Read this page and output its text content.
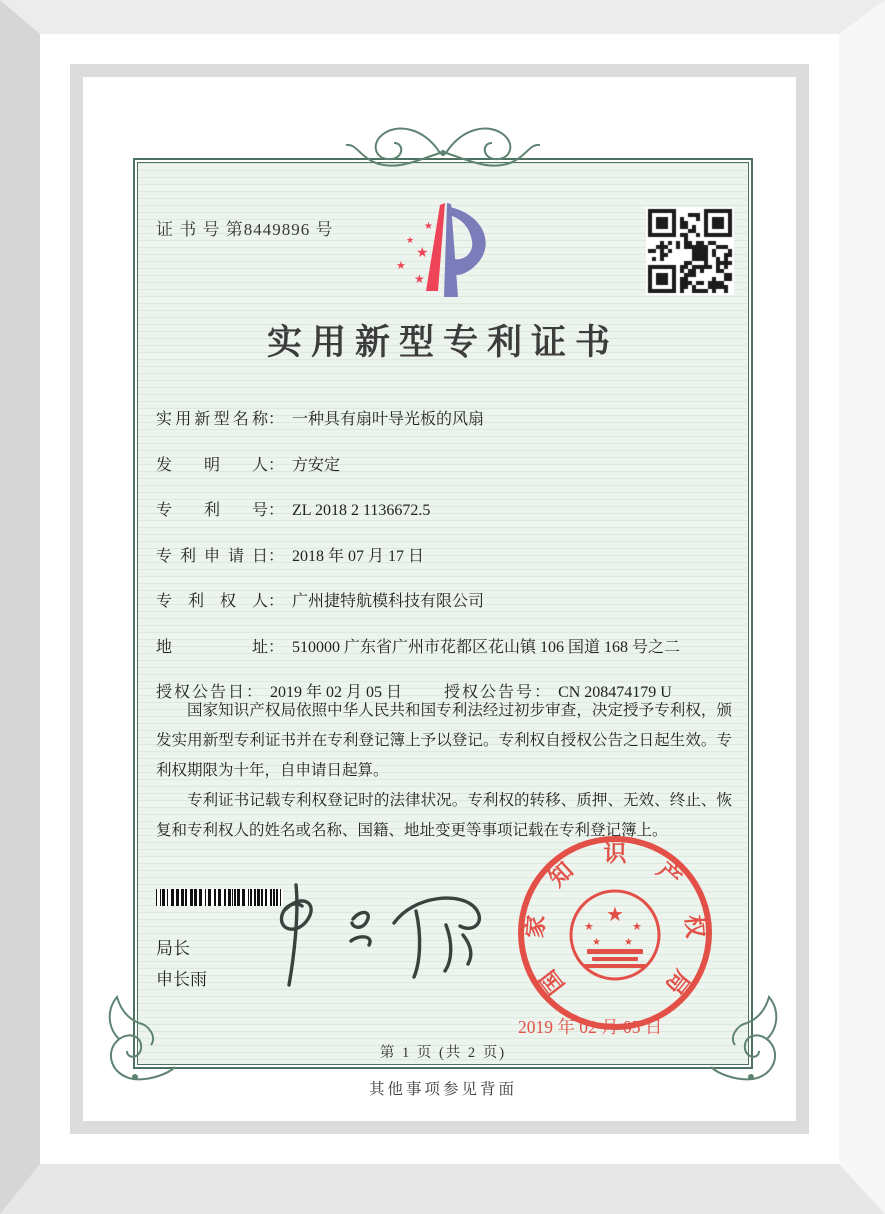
证 书 号 第8449896 号	★
★
★
★
★
实用新型专利证书
实用新型名称 ： 一种具有扇叶导光板的风扇
发明人 ： 方安定
专利号 ： ZL 2018 2 1136672.5
专利申请日 ： 2018 年 07 月 17 日
专利权人 ： 广州捷特航模科技有限公司
地址 ： 510000 广东省广州市花都区花山镇 106 国道 168 号之二
授权公告日 ： 2019 年 02 月 05 日	授权公告号 ： CN 208474179 U

国家知识产权局依照中华人民共和国专利法经过初步审查，决定授予专利权，颁发实用新型专利证书并在专利登记簿上予以登记。专利权自授权公告之日起生效。专利权期限为十年，自申请日起算。

专利证书记载专利权登记时的法律状况。专利权的转移、质押、无效、终止、恢复和专利权人的姓名或名称、国籍、地址变更等事项记载在专利登记簿上。

局长
申长雨
★
★	★
★ ★
国
家
知
识
产
权
局
2019 年 02 月 05 日
第 1 页 (共 2 页)
其他事项参见背面
